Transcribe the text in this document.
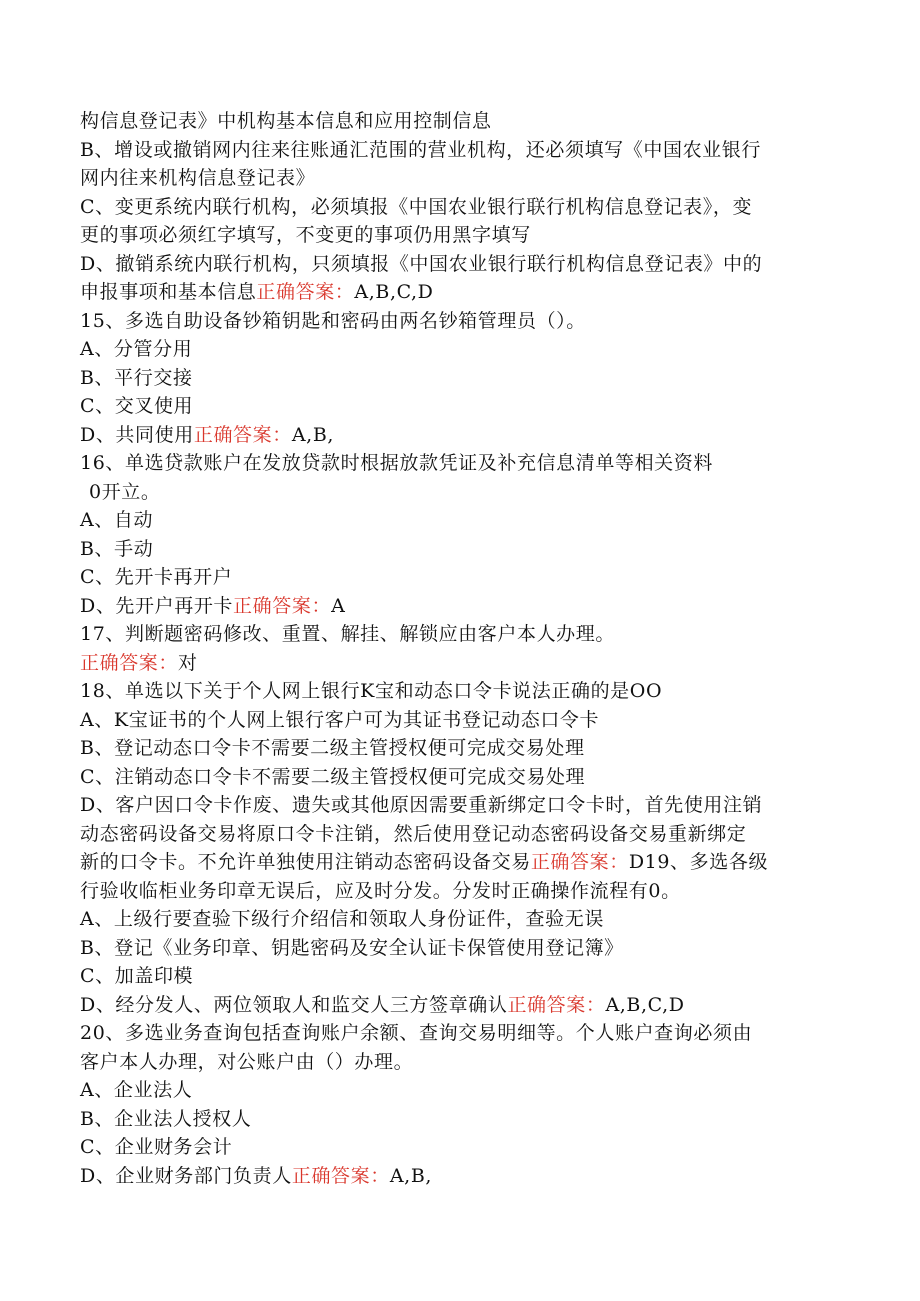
构信息登记表》中机构基本信息和应用控制信息
B、增设或撤销网内往来往账通汇范围的营业机构，还必须填写《中国农业银行
网内往来机构信息登记表》
C、变更系统内联行机构，必须填报《中国农业银行联行机构信息登记表》，变
更的事项必须红字填写，不变更的事项仍用黑字填写
D、撤销系统内联行机构，只须填报《中国农业银行联行机构信息登记表》中的
申报事项和基本信息正确答案：A,B,C,D
15、多选自助设备钞箱钥匙和密码由两名钞箱管理员（）。
A、分管分用
B、平行交接
C、交叉使用
D、共同使用正确答案：A,B,
16、单选贷款账户在发放贷款时根据放款凭证及补充信息清单等相关资料
0开立。
A、自动
B、手动
C、先开卡再开户
D、先开户再开卡正确答案：A
17、判断题密码修改、重置、解挂、解锁应由客户本人办理。
正确答案：对
18、单选以下关于个人网上银行K宝和动态口令卡说法正确的是OO
A、K宝证书的个人网上银行客户可为其证书登记动态口令卡
B、登记动态口令卡不需要二级主管授权便可完成交易处理
C、注销动态口令卡不需要二级主管授权便可完成交易处理
D、客户因口令卡作废、遗失或其他原因需要重新绑定口令卡时，首先使用注销
动态密码设备交易将原口令卡注销，然后使用登记动态密码设备交易重新绑定
新的口令卡。不允许单独使用注销动态密码设备交易正确答案：D19、多选各级
行验收临柜业务印章无误后，应及时分发。分发时正确操作流程有0。
A、上级行要查验下级行介绍信和领取人身份证件，查验无误
B、登记《业务印章、钥匙密码及安全认证卡保管使用登记簿》
C、加盖印模
D、经分发人、两位领取人和监交人三方签章确认正确答案：A,B,C,D
20、多选业务查询包括查询账户余额、查询交易明细等。个人账户查询必须由
客户本人办理，对公账户由（）办理。
A、企业法人
B、企业法人授权人
C、企业财务会计
D、企业财务部门负责人正确答案：A,B,
